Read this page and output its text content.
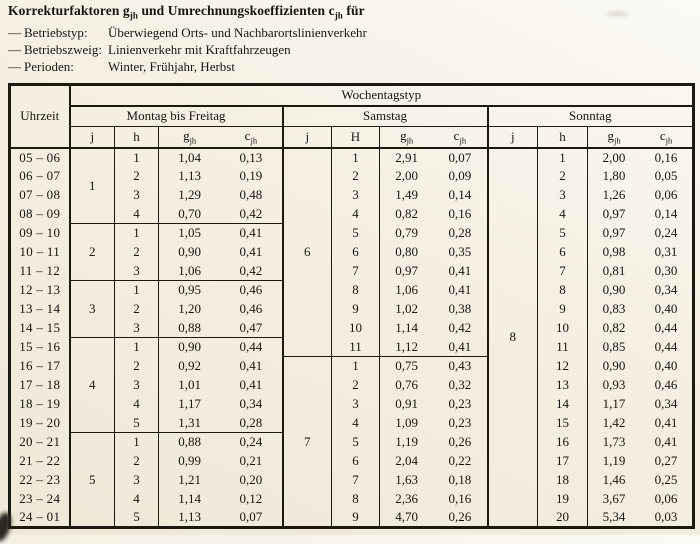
Korrekturfaktoren $g_{jh}$ und Umrechnungskoeffizienten $c_{jh}$ für
— Betriebstyp:	Überwiegend Orts- und Nachbarortslinienverkehr
— Betriebszweig: Linienverkehr mit Kraftfahrzeugen
— Perioden:	Winter, Frühjahr, Herbst
Uhrzeit	Wochentagstyp								
	Montag bis Freitag			Samstag			Sonntag		
	j	h	$g_{jh}$ $c_{jh}$	j	H	$g_{jh}$ $c_{jh}$	j	h	$g_{jh}$ $c_{jh}$
05 – 06	1	1	1,04 0,13	6	1	2,91 0,07	8	1	2,00 0,16
06 – 07		2	1,13 0,19		2	2,00 0,09		2	1,80 0,05
07 – 08		3	1,29 0,48		3	1,49 0,14		3	1,26 0,06
08 – 09		4	0,70 0,42		4	0,82 0,16		4	0,97 0,14
09 – 10	2	1	1,05 0,41		5	0,79 0,28		5	0,97 0,24
10 – 11		2	0,90 0,41		6	0,80 0,35		6	0,98 0,31
11 – 12		3	1,06 0,42		7	0,97 0,41		7	0,81 0,30
12 – 13	3	1	0,95 0,46		8	1,06 0,41		8	0,90 0,34
13 – 14		2	1,20 0,46		9	1,02 0,38		9	0,83 0,40
14 – 15		3	0,88 0,47		10	1,14 0,42		10	0,82 0,44
15 – 16	4	1	0,90 0,44		11	1,12 0,41		11	0,85 0,44
16 – 17		2	0,92 0,41	7	1	0,75 0,43		12	0,90 0,40
17 – 18		3	1,01 0,41		2	0,76 0,32		13	0,93 0,46
18 – 19		4	1,17 0,34		3	0,91 0,23		14	1,17 0,34
19 – 20		5	1,31 0,28		4	1,09 0,23		15	1,42 0,41
20 – 21	5	1	0,88 0,24		5	1,19 0,26		16	1,73 0,41
21 – 22		2	0,99 0,21		6	2,04 0,22		17	1,19 0,27
22 – 23		3	1,21 0,20		7	1,63 0,18		18	1,46 0,25
23 – 24		4	1,14 0,12		8	2,36 0,16		19	3,67 0,06
24 – 01		5	1,13 0,07		9	4,70 0,26		20	5,34 0,03
